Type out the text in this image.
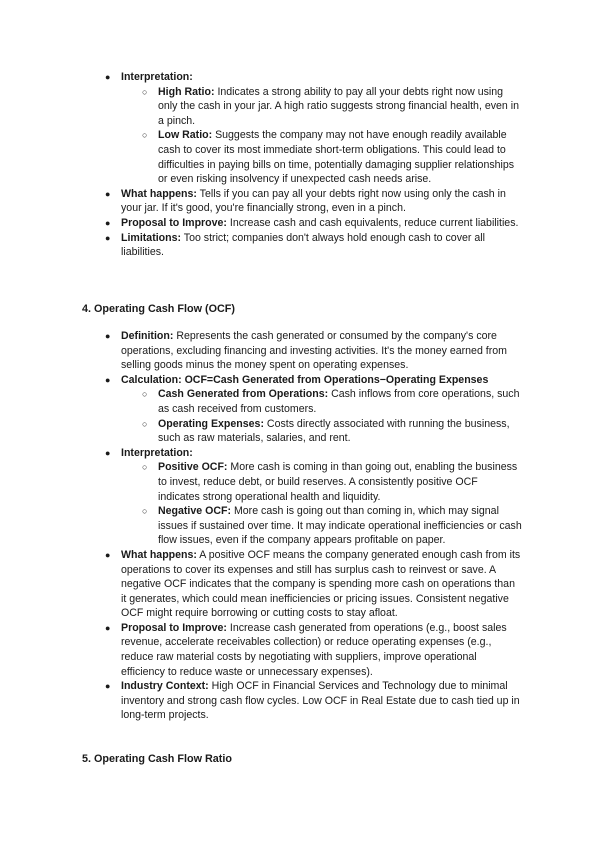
● Interpretation:
○ High Ratio: Indicates a strong ability to pay all your debts right now using only the cash in your jar. A high ratio suggests strong financial health, even in a pinch.
○ Low Ratio: Suggests the company may not have enough readily available cash to cover its most immediate short-term obligations. This could lead to difficulties in paying bills on time, potentially damaging supplier relationships or even risking insolvency if unexpected cash needs arise.
● What happens: Tells if you can pay all your debts right now using only the cash in your jar. If it's good, you're financially strong, even in a pinch.
● Proposal to Improve: Increase cash and cash equivalents, reduce current liabilities.
● Limitations: Too strict; companies don't always hold enough cash to cover all liabilities.
4. Operating Cash Flow (OCF)
● Definition: Represents the cash generated or consumed by the company's core operations, excluding financing and investing activities. It's the money earned from selling goods minus the money spent on operating expenses.
● Calculation: OCF=Cash Generated from Operations−Operating Expenses
○ Cash Generated from Operations: Cash inflows from core operations, such as cash received from customers.
○ Operating Expenses: Costs directly associated with running the business, such as raw materials, salaries, and rent.
● Interpretation:
○ Positive OCF: More cash is coming in than going out, enabling the business to invest, reduce debt, or build reserves. A consistently positive OCF indicates strong operational health and liquidity.
○ Negative OCF: More cash is going out than coming in, which may signal issues if sustained over time. It may indicate operational inefficiencies or cash flow issues, even if the company appears profitable on paper.
● What happens: A positive OCF means the company generated enough cash from its operations to cover its expenses and still has surplus cash to reinvest or save. A negative OCF indicates that the company is spending more cash on operations than it generates, which could mean inefficiencies or pricing issues. Consistent negative OCF might require borrowing or cutting costs to stay afloat.
● Proposal to Improve: Increase cash generated from operations (e.g., boost sales revenue, accelerate receivables collection) or reduce operating expenses (e.g., reduce raw material costs by negotiating with suppliers, improve operational efficiency to reduce waste or unnecessary expenses).
● Industry Context: High OCF in Financial Services and Technology due to minimal inventory and strong cash flow cycles. Low OCF in Real Estate due to cash tied up in long-term projects.
5. Operating Cash Flow Ratio
